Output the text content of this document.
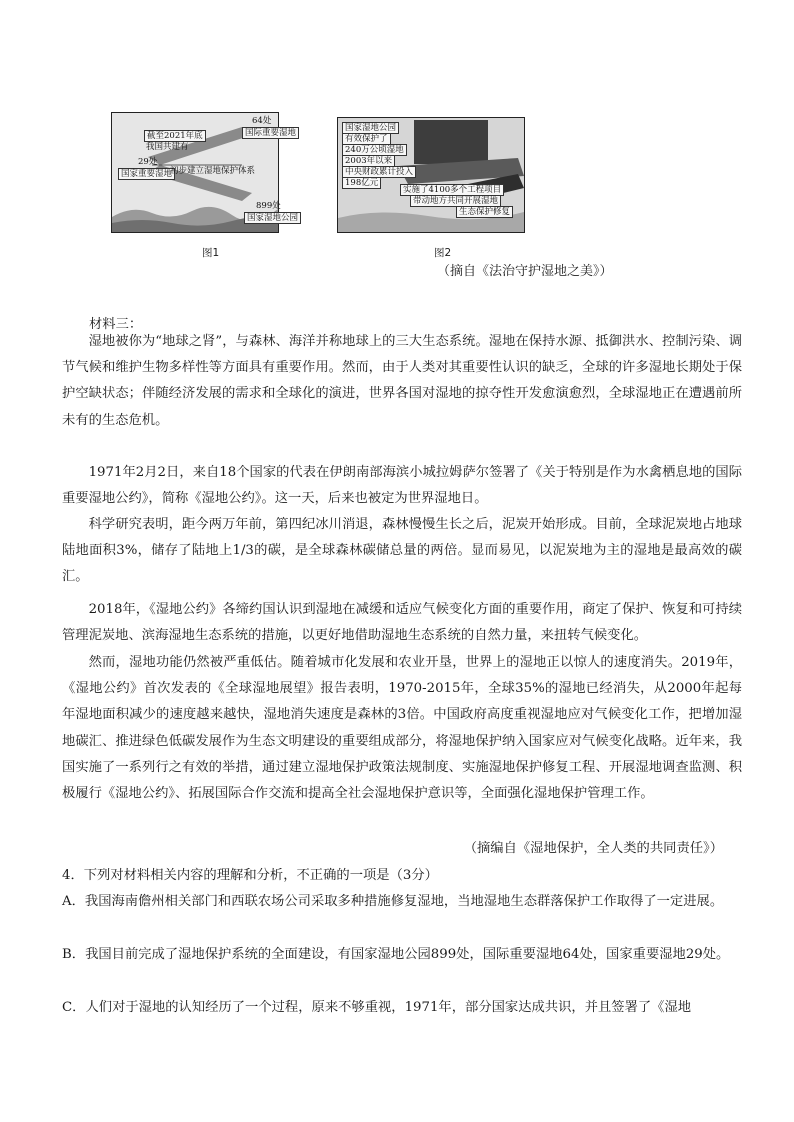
截至2021年底
我国共建有
29处
国家重要湿地
64处
国际重要湿地
初步建立湿地保护体系
899处
国家湿地公园
图1
国家湿地公园
有效保护了
240万公顷湿地
2003年以来
中央财政累计投入
198亿元
实施了4100多个工程项目
带动地方共同开展湿地
生态保护修复
图2
（摘自《法治守护湿地之美》）
材料三：

湿地被你为“地球之肾”，与森林、海洋并称地球上的三大生态系统。湿地在保持水源、抵御洪水、控制污染、调节气候和维护生物多样性等方面具有重要作用。然而，由于人类对其重要性认识的缺乏，全球的许多湿地长期处于保护空缺状态；伴随经济发展的需求和全球化的演进，世界各国对湿地的掠夺性开发愈演愈烈，全球湿地正在遭遇前所未有的生态危机。

1971年2月2日，来自18个国家的代表在伊朗南部海滨小城拉姆萨尔签署了《关于特别是作为水禽栖息地的国际重要湿地公约》，简称《湿地公约》。这一天，后来也被定为世界湿地日。

科学研究表明，距今两万年前，第四纪冰川消退，森林慢慢生长之后，泥炭开始形成。目前，全球泥炭地占地球陆地面积3%，储存了陆地上1/3的碳，是全球森林碳储总量的两倍。显而易见，以泥炭地为主的湿地是最高效的碳汇。

2018年，《湿地公约》各缔约国认识到湿地在减缓和适应气候变化方面的重要作用，商定了保护、恢复和可持续管理泥炭地、滨海湿地生态系统的措施，以更好地借助湿地生态系统的自然力量，来扭转气候变化。

然而，湿地功能仍然被严重低估。随着城市化发展和农业开垦，世界上的湿地正以惊人的速度消失。2019年，《湿地公约》首次发表的《全球湿地展望》报告表明，1970-2015年，全球35%的湿地已经消失，从2000年起每年湿地面积减少的速度越来越快，湿地消失速度是森林的3倍。中国政府高度重视湿地应对气候变化工作，把增加湿地碳汇、推进绿色低碳发展作为生态文明建设的重要组成部分，将湿地保护纳入国家应对气候变化战略。近年来，我国实施了一系列行之有效的举措，通过建立湿地保护政策法规制度、实施湿地保护修复工程、开展湿地调查监测、积极履行《湿地公约》、拓展国际合作交流和提高全社会湿地保护意识等，全面强化湿地保护管理工作。

（摘编自《湿地保护，全人类的共同责任》）

4．下列对材料相关内容的理解和分析，不正确的一项是（3分）

A．我国海南儋州相关部门和西联农场公司采取多种措施修复湿地，当地湿地生态群落保护工作取得了一定进展。

B．我国目前完成了湿地保护系统的全面建设，有国家湿地公园899处，国际重要湿地64处，国家重要湿地29处。

C．人们对于湿地的认知经历了一个过程，原来不够重视，1971年，部分国家达成共识，并且签署了《湿地
